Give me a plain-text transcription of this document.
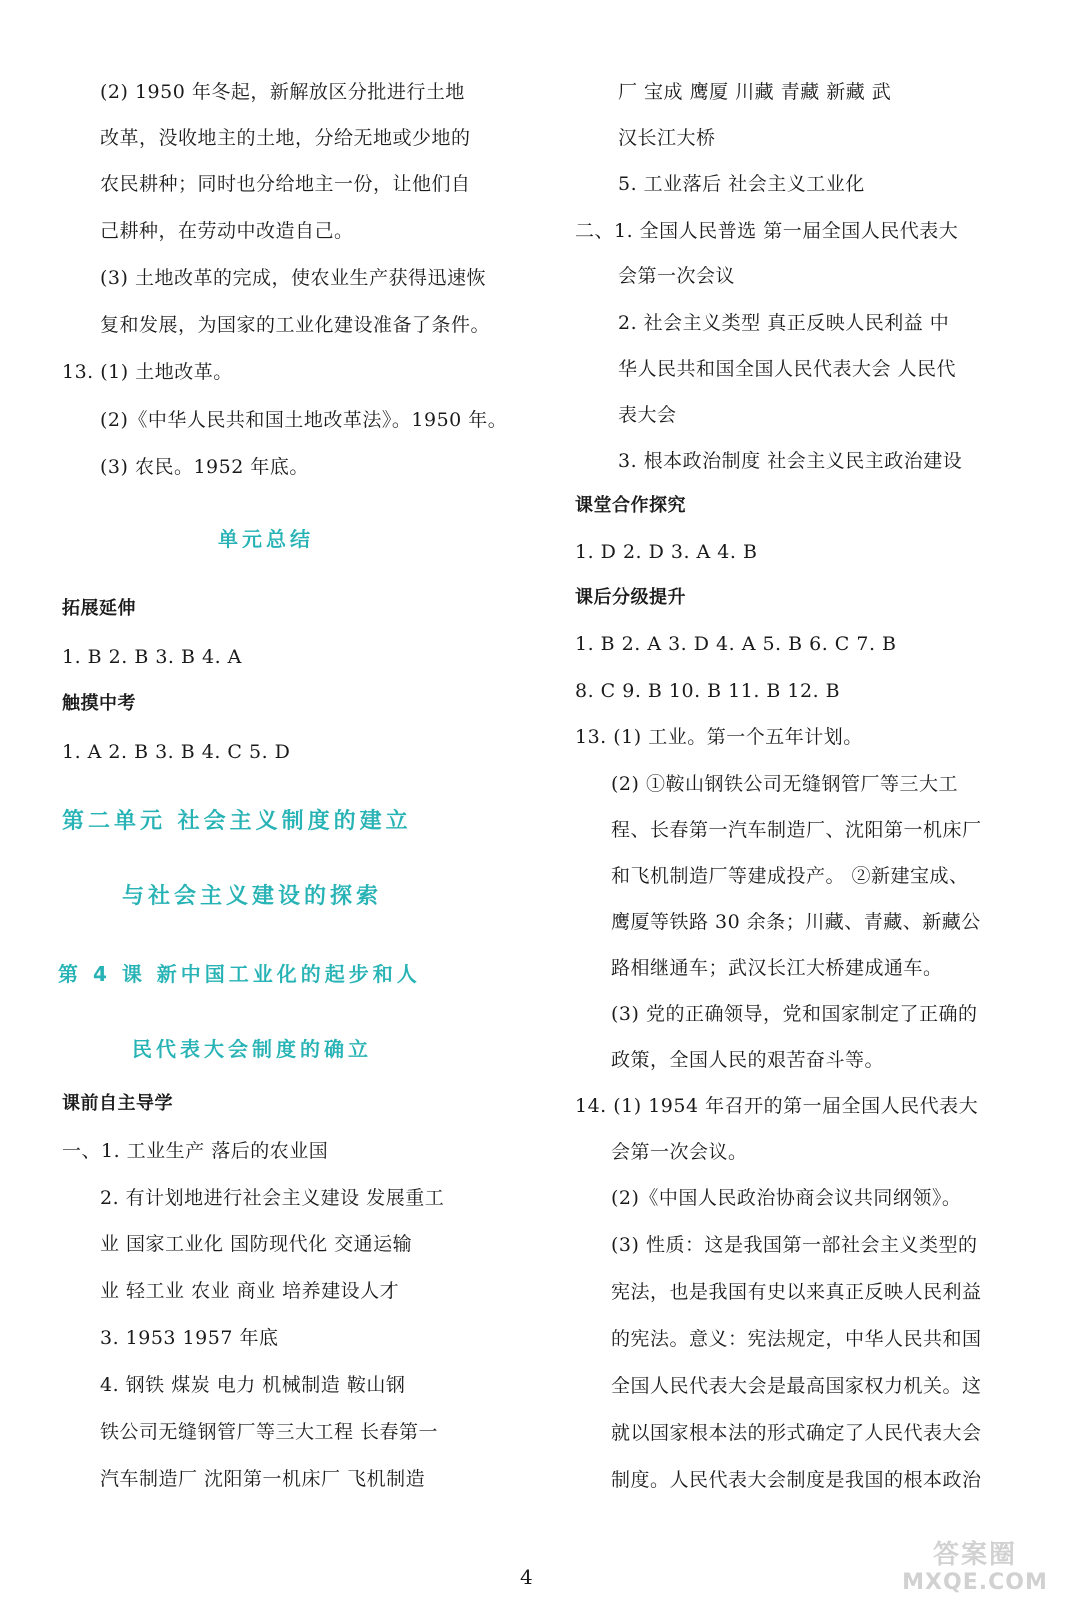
(2) 1950 年冬起，新解放区分批进行土地
改革，没收地主的土地，分给无地或少地的
农民耕种；同时也分给地主一份，让他们自
己耕种，在劳动中改造自己。
(3) 土地改革的完成，使农业生产获得迅速恢
复和发展，为国家的工业化建设准备了条件。
13. (1) 土地改革。
(2)《中华人民共和国土地改革法》。1950 年。
(3) 农民。1952 年底。
单元总结
拓展延伸
1. B 2. B 3. B 4. A
触摸中考
1. A 2. B 3. B 4. C 5. D
第二单元 社会主义制度的建立
与社会主义建设的探索
第 4 课 新中国工业化的起步和人
民代表大会制度的确立
课前自主导学
一、1. 工业生产 落后的农业国
2. 有计划地进行社会主义建设 发展重工
业 国家工业化 国防现代化 交通运输
业 轻工业 农业 商业 培养建设人才
3. 1953 1957 年底
4. 钢铁 煤炭 电力 机械制造 鞍山钢
铁公司无缝钢管厂等三大工程 长春第一
汽车制造厂 沈阳第一机床厂 飞机制造
厂 宝成 鹰厦 川藏 青藏 新藏 武
汉长江大桥
5. 工业落后 社会主义工业化
二、1. 全国人民普选 第一届全国人民代表大
会第一次会议
2. 社会主义类型 真正反映人民利益 中
华人民共和国全国人民代表大会 人民代
表大会
3. 根本政治制度 社会主义民主政治建设
课堂合作探究
1. D 2. D 3. A 4. B
课后分级提升
1. B 2. A 3. D 4. A 5. B 6. C 7. B
8. C 9. B 10. B 11. B 12. B
13. (1) 工业。第一个五年计划。
(2) ①鞍山钢铁公司无缝钢管厂等三大工
程、长春第一汽车制造厂、沈阳第一机床厂
和飞机制造厂等建成投产。 ②新建宝成、
鹰厦等铁路 30 余条；川藏、青藏、新藏公
路相继通车；武汉长江大桥建成通车。
(3) 党的正确领导，党和国家制定了正确的
政策，全国人民的艰苦奋斗等。
14. (1) 1954 年召开的第一届全国人民代表大
会第一次会议。
(2)《中国人民政治协商会议共同纲领》。
(3) 性质：这是我国第一部社会主义类型的
宪法，也是我国有史以来真正反映人民利益
的宪法。意义：宪法规定，中华人民共和国
全国人民代表大会是最高国家权力机关。这
就以国家根本法的形式确定了人民代表大会
制度。人民代表大会制度是我国的根本政治
4
答案圈
MXQE.COM
